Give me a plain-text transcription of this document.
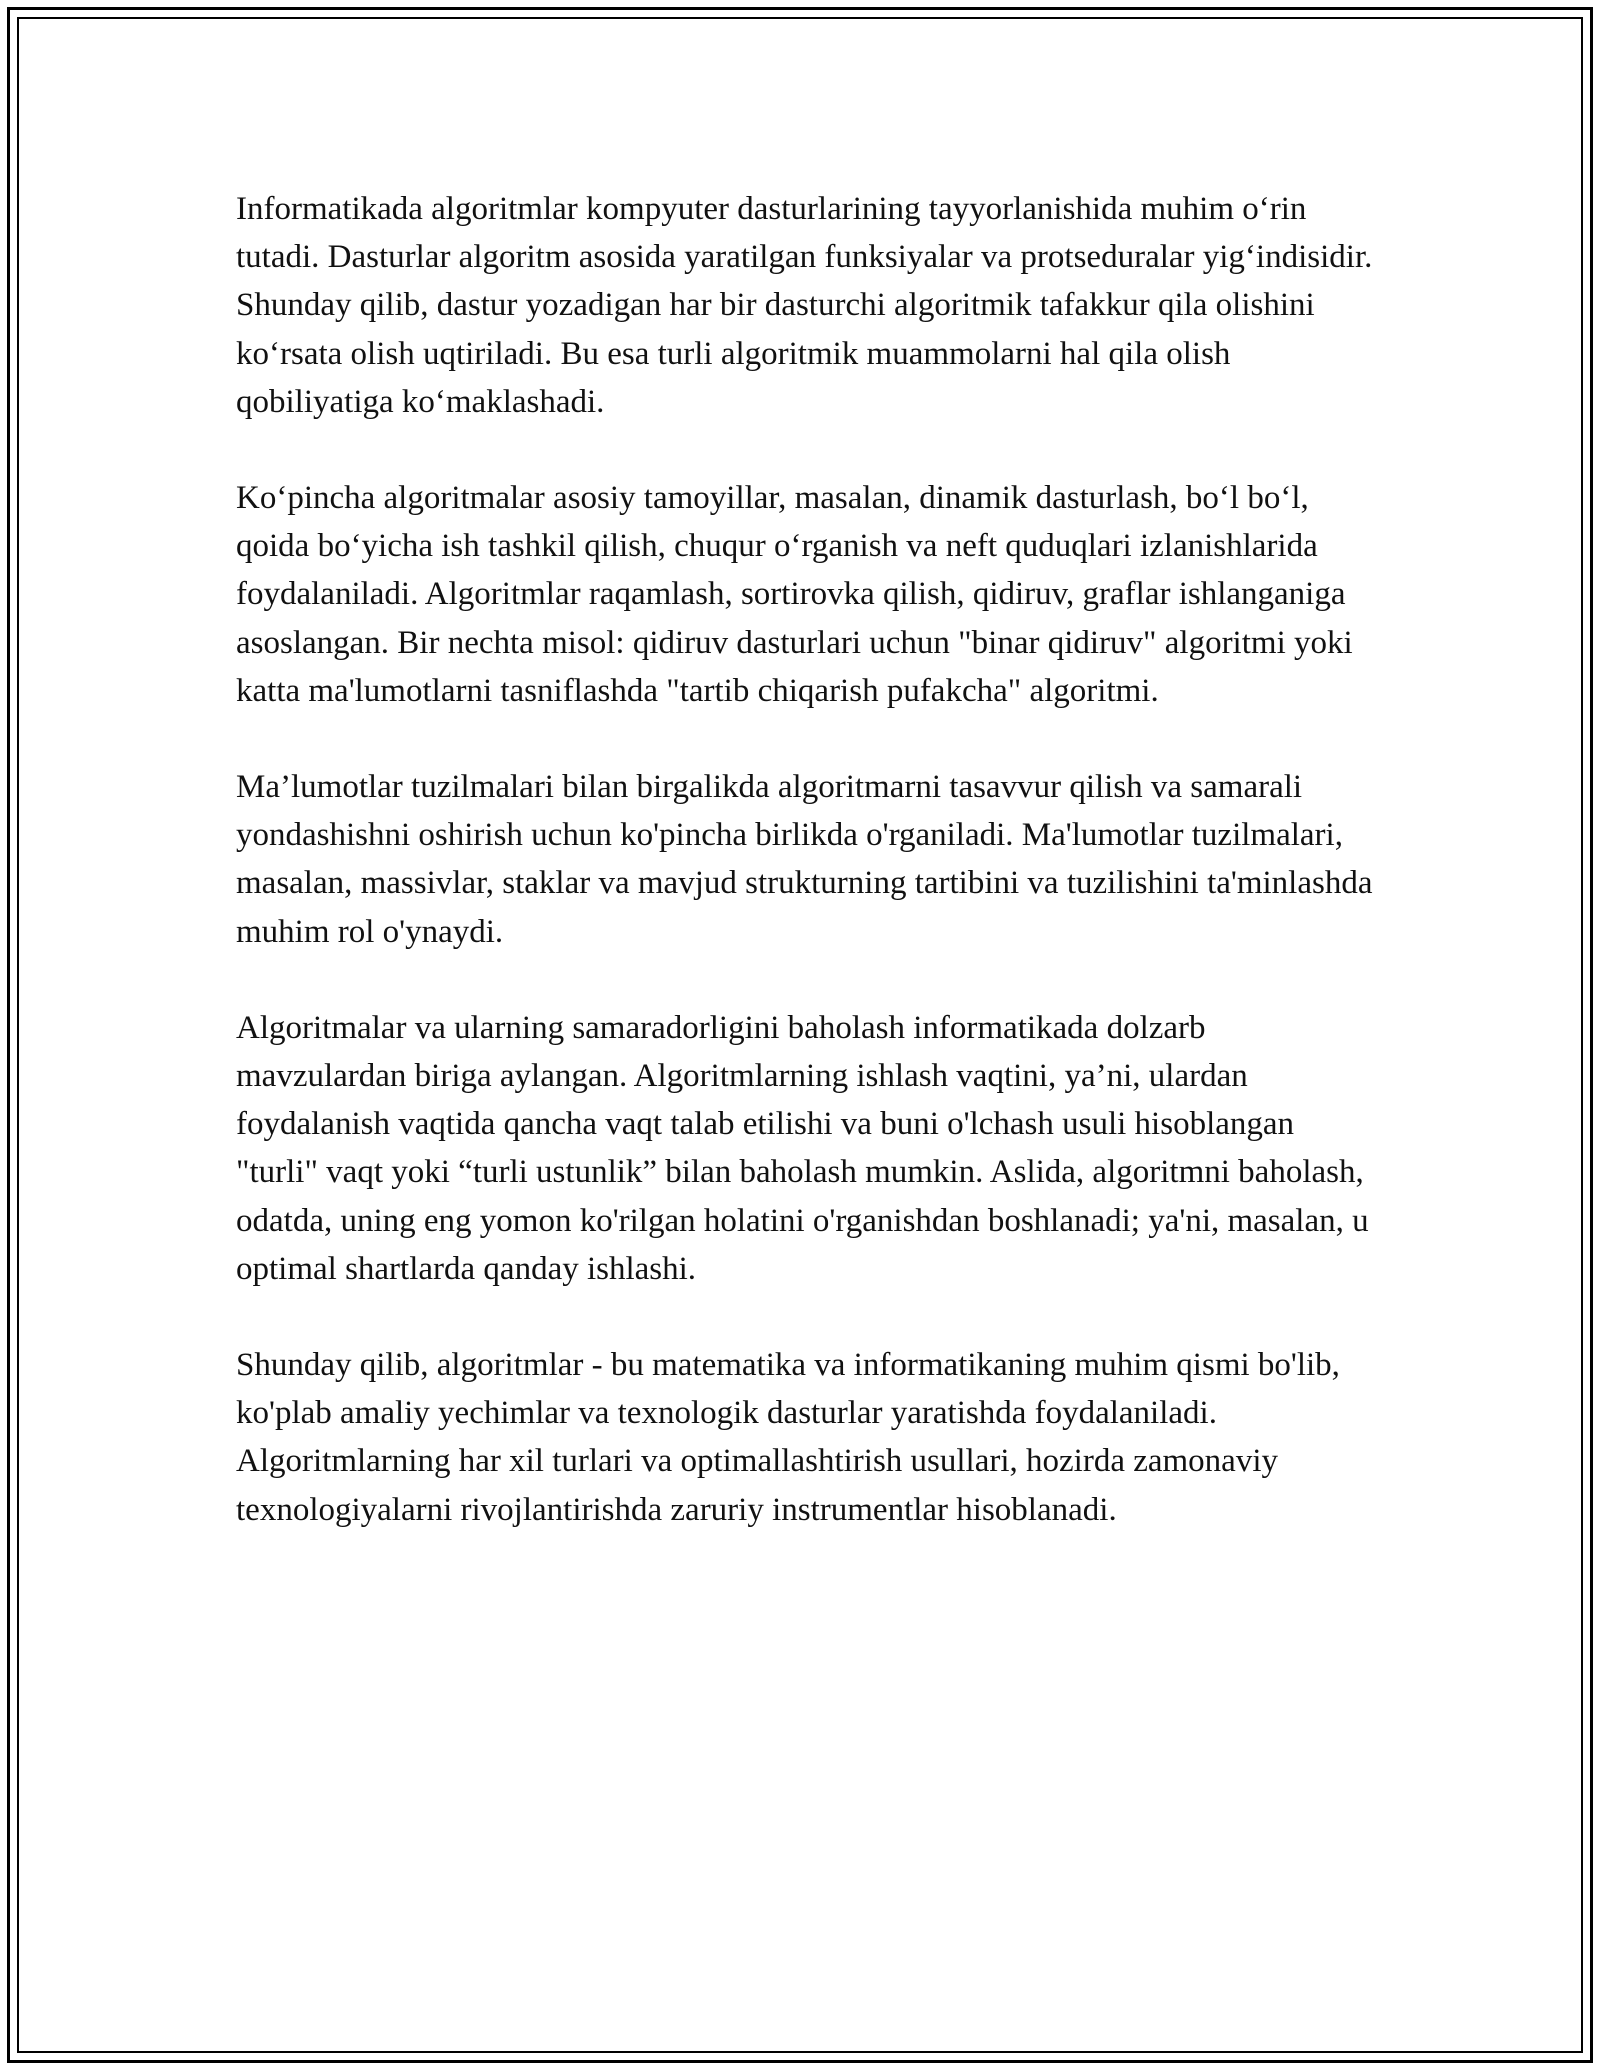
Informatikada algoritmlar kompyuter dasturlarining tayyorlanishida muhim oʻrin tutadi. Dasturlar algoritm asosida yaratilgan funksiyalar va protseduralar yigʻindisidir. Shunday qilib, dastur yozadigan har bir dasturchi algoritmik tafakkur qila olishini koʻrsata olish uqtiriladi. Bu esa turli algoritmik muammolarni hal qila olish qobiliyatiga koʻmaklashadi.

Koʻpincha algoritmalar asosiy tamoyillar, masalan, dinamik dasturlash, boʻl boʻl, qoida boʻyicha ish tashkil qilish, chuqur oʻrganish va neft quduqlari izlanishlarida foydalaniladi. Algoritmlar raqamlash, sortirovka qilish, qidiruv, graflar ishlanganiga asoslangan. Bir nechta misol: qidiruv dasturlari uchun "binar qidiruv" algoritmi yoki katta ma'lumotlarni tasniflashda "tartib chiqarish pufakcha" algoritmi.

Ma’lumotlar tuzilmalari bilan birgalikda algoritmarni tasavvur qilish va samarali yondashishni oshirish uchun ko'pincha birlikda o'rganiladi. Ma'lumotlar tuzilmalari, masalan, massivlar, staklar va mavjud strukturning tartibini va tuzilishini ta'minlashda muhim rol o'ynaydi.

Algoritmalar va ularning samaradorligini baholash informatikada dolzarb mavzulardan biriga aylangan. Algoritmlarning ishlash vaqtini, ya’ni, ulardan foydalanish vaqtida qancha vaqt talab etilishi va buni o'lchash usuli hisoblangan "turli" vaqt yoki “turli ustunlik” bilan baholash mumkin. Aslida, algoritmni baholash, odatda, uning eng yomon ko'rilgan holatini o'rganishdan boshlanadi; ya'ni, masalan, u optimal shartlarda qanday ishlashi.

Shunday qilib, algoritmlar - bu matematika va informatikaning muhim qismi bo'lib, ko'plab amaliy yechimlar va texnologik dasturlar yaratishda foydalaniladi. Algoritmlarning har xil turlari va optimallashtirish usullari, hozirda zamonaviy texnologiyalarni rivojlantirishda zaruriy instrumentlar hisoblanadi.
